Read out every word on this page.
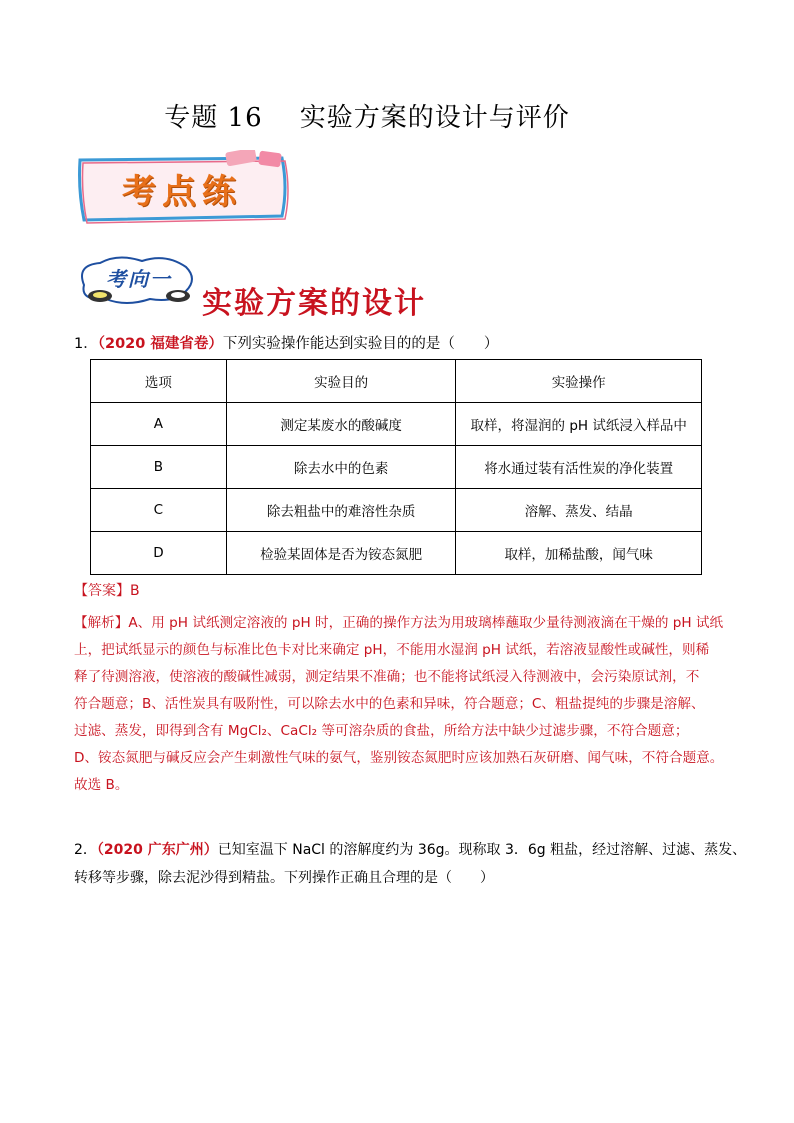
专题 16    实验方案的设计与评价
考点练
考向一
实验方案的设计
1．（2020 福建省卷）下列实验操作能达到实验目的的是（　　）
选项	实验目的	实验操作
A	测定某废水的酸碱度	取样，将湿润的 pH 试纸浸入样品中
B	除去水中的色素	将水通过装有活性炭的净化装置
C	除去粗盐中的难溶性杂质	溶解、蒸发、结晶
D	检验某固体是否为铵态氮肥	取样，加稀盐酸，闻气味
【答案】B

【解析】A、用 pH 试纸测定溶液的 pH 时，正确的操作方法为用玻璃棒蘸取少量待测液滴在干燥的 pH 试纸

上，把试纸显示的颜色与标准比色卡对比来确定 pH，不能用水湿润 pH 试纸，若溶液显酸性或碱性，则稀

释了待测溶液，使溶液的酸碱性减弱，测定结果不准确；也不能将试纸浸入待测液中，会污染原试剂，不

符合题意；B、活性炭具有吸附性，可以除去水中的色素和异味，符合题意；C、粗盐提纯的步骤是溶解、

过滤、蒸发，即得到含有 MgCl₂、CaCl₂ 等可溶杂质的食盐，所给方法中缺少过滤步骤，不符合题意；

D、铵态氮肥与碱反应会产生刺激性气味的氨气，鉴别铵态氮肥时应该加熟石灰研磨、闻气味，不符合题意。

故选 B。

2．（2020 广东广州）已知室温下 NaCl 的溶解度约为 36g。现称取 3．6g 粗盐，经过溶解、过滤、蒸发、

转移等步骤，除去泥沙得到精盐。下列操作正确且合理的是（　　）
